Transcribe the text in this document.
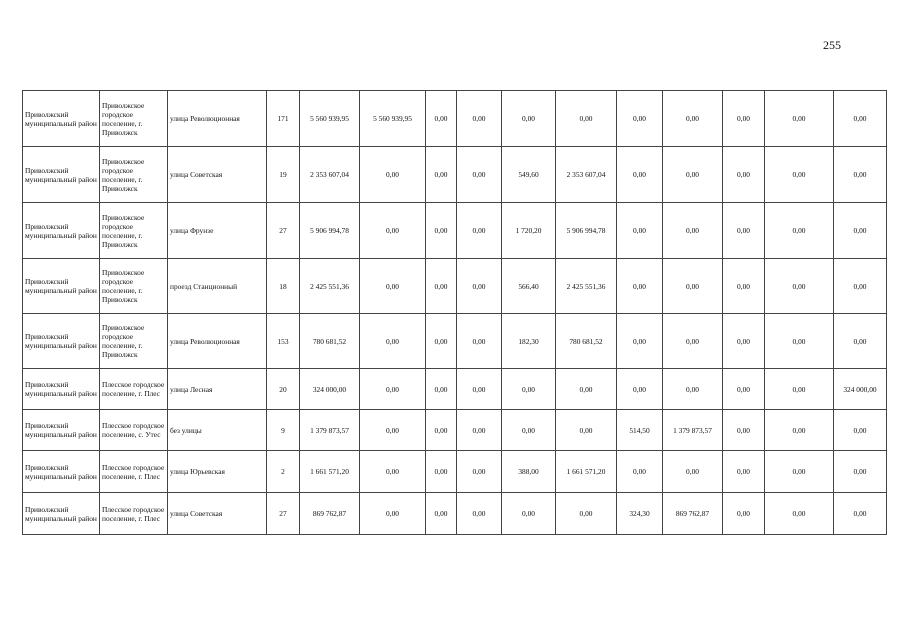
255
Приволжский муниципальный район	Приволжское городское поселение, г. Приволжск	улица Революционная	171	5 560 939,95	5 560 939,95	0,00	0,00	0,00	0,00	0,00	0,00	0,00	0,00	0,00
Приволжский муниципальный район	Приволжское городское поселение, г. Приволжск	улица Советская	19	2 353 607,04	0,00	0,00	0,00	549,60	2 353 607,04	0,00	0,00	0,00	0,00	0,00
Приволжский муниципальный район	Приволжское городское поселение, г. Приволжск	улица Фрунзе	27	5 906 994,78	0,00	0,00	0,00	1 720,20	5 906 994,78	0,00	0,00	0,00	0,00	0,00
Приволжский муниципальный район	Приволжское городское поселение, г. Приволжск	проезд Станционный	18	2 425 551,36	0,00	0,00	0,00	566,40	2 425 551,36	0,00	0,00	0,00	0,00	0,00
Приволжский муниципальный район	Приволжское городское поселение, г. Приволжск	улица Революционная	153	780 681,52	0,00	0,00	0,00	182,30	780 681,52	0,00	0,00	0,00	0,00	0,00
Приволжский муниципальный район	Плесское городское поселение, г. Плес	улица Лесная	20	324 000,00	0,00	0,00	0,00	0,00	0,00	0,00	0,00	0,00	0,00	324 000,00
Приволжский муниципальный район	Плесское городское поселение, с. Утес	без улицы	9	1 379 873,57	0,00	0,00	0,00	0,00	0,00	514,50	1 379 873,57	0,00	0,00	0,00
Приволжский муниципальный район	Плесское городское поселение, г. Плес	улица Юрьевская	2	1 661 571,20	0,00	0,00	0,00	388,00	1 661 571,20	0,00	0,00	0,00	0,00	0,00
Приволжский муниципальный район	Плесское городское поселение, г. Плес	улица Советская	27	869 762,87	0,00	0,00	0,00	0,00	0,00	324,30	869 762,87	0,00	0,00	0,00
